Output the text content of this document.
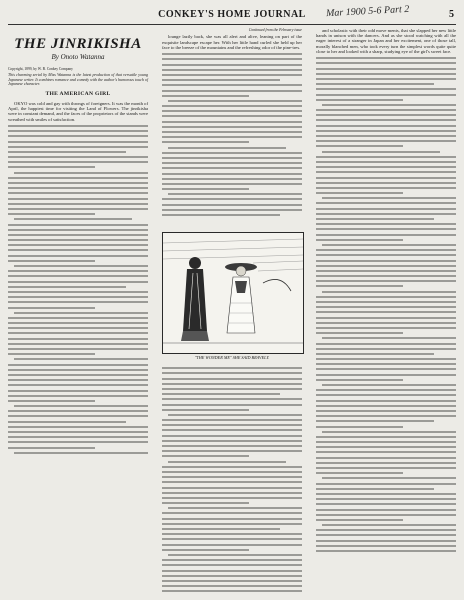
CONKEY'S HOME JOURNAL	Mar 1900 5-6 Part 2	5
THE JINRIKISHA
By Onoto Watanna
Copyright, 1899, by W. B. Conkey Company
This charming serial by Miss Watanna is the latest production of that versatile young Japanese writer. It combines romance and comedy with the author's humorous touch of Japanese character.
THE AMERICAN GIRL

OKYO was cold and gay with throngs of foreigners. It was the month of April, the happiest time for visiting the Land of Flowers. The jinrikisha were in constant demand, and the faces of the proprietors of the stands were wreathed with smiles of satisfaction.

Continued from the February issue

lounge lazily back, she was all alert and alive, leaning on part of the exquisite landscape escape her. With her little hand curled she held up her face to the breeze of the mountains and the refreshing odor of the pine-tres.

"THE WONDER ME" SHE SAID BRAVELY.

and scholastic with their odd move ments, that she slapped her new little hands in unison with the dancers. And as she stood watching with all the eager interest of a stranger in Japan and her excitement, one of those tall, morally blanched men, who took every turn the simplest words quite quite close to her and looked with a sharp, studying eye of the girl's sweet face.
